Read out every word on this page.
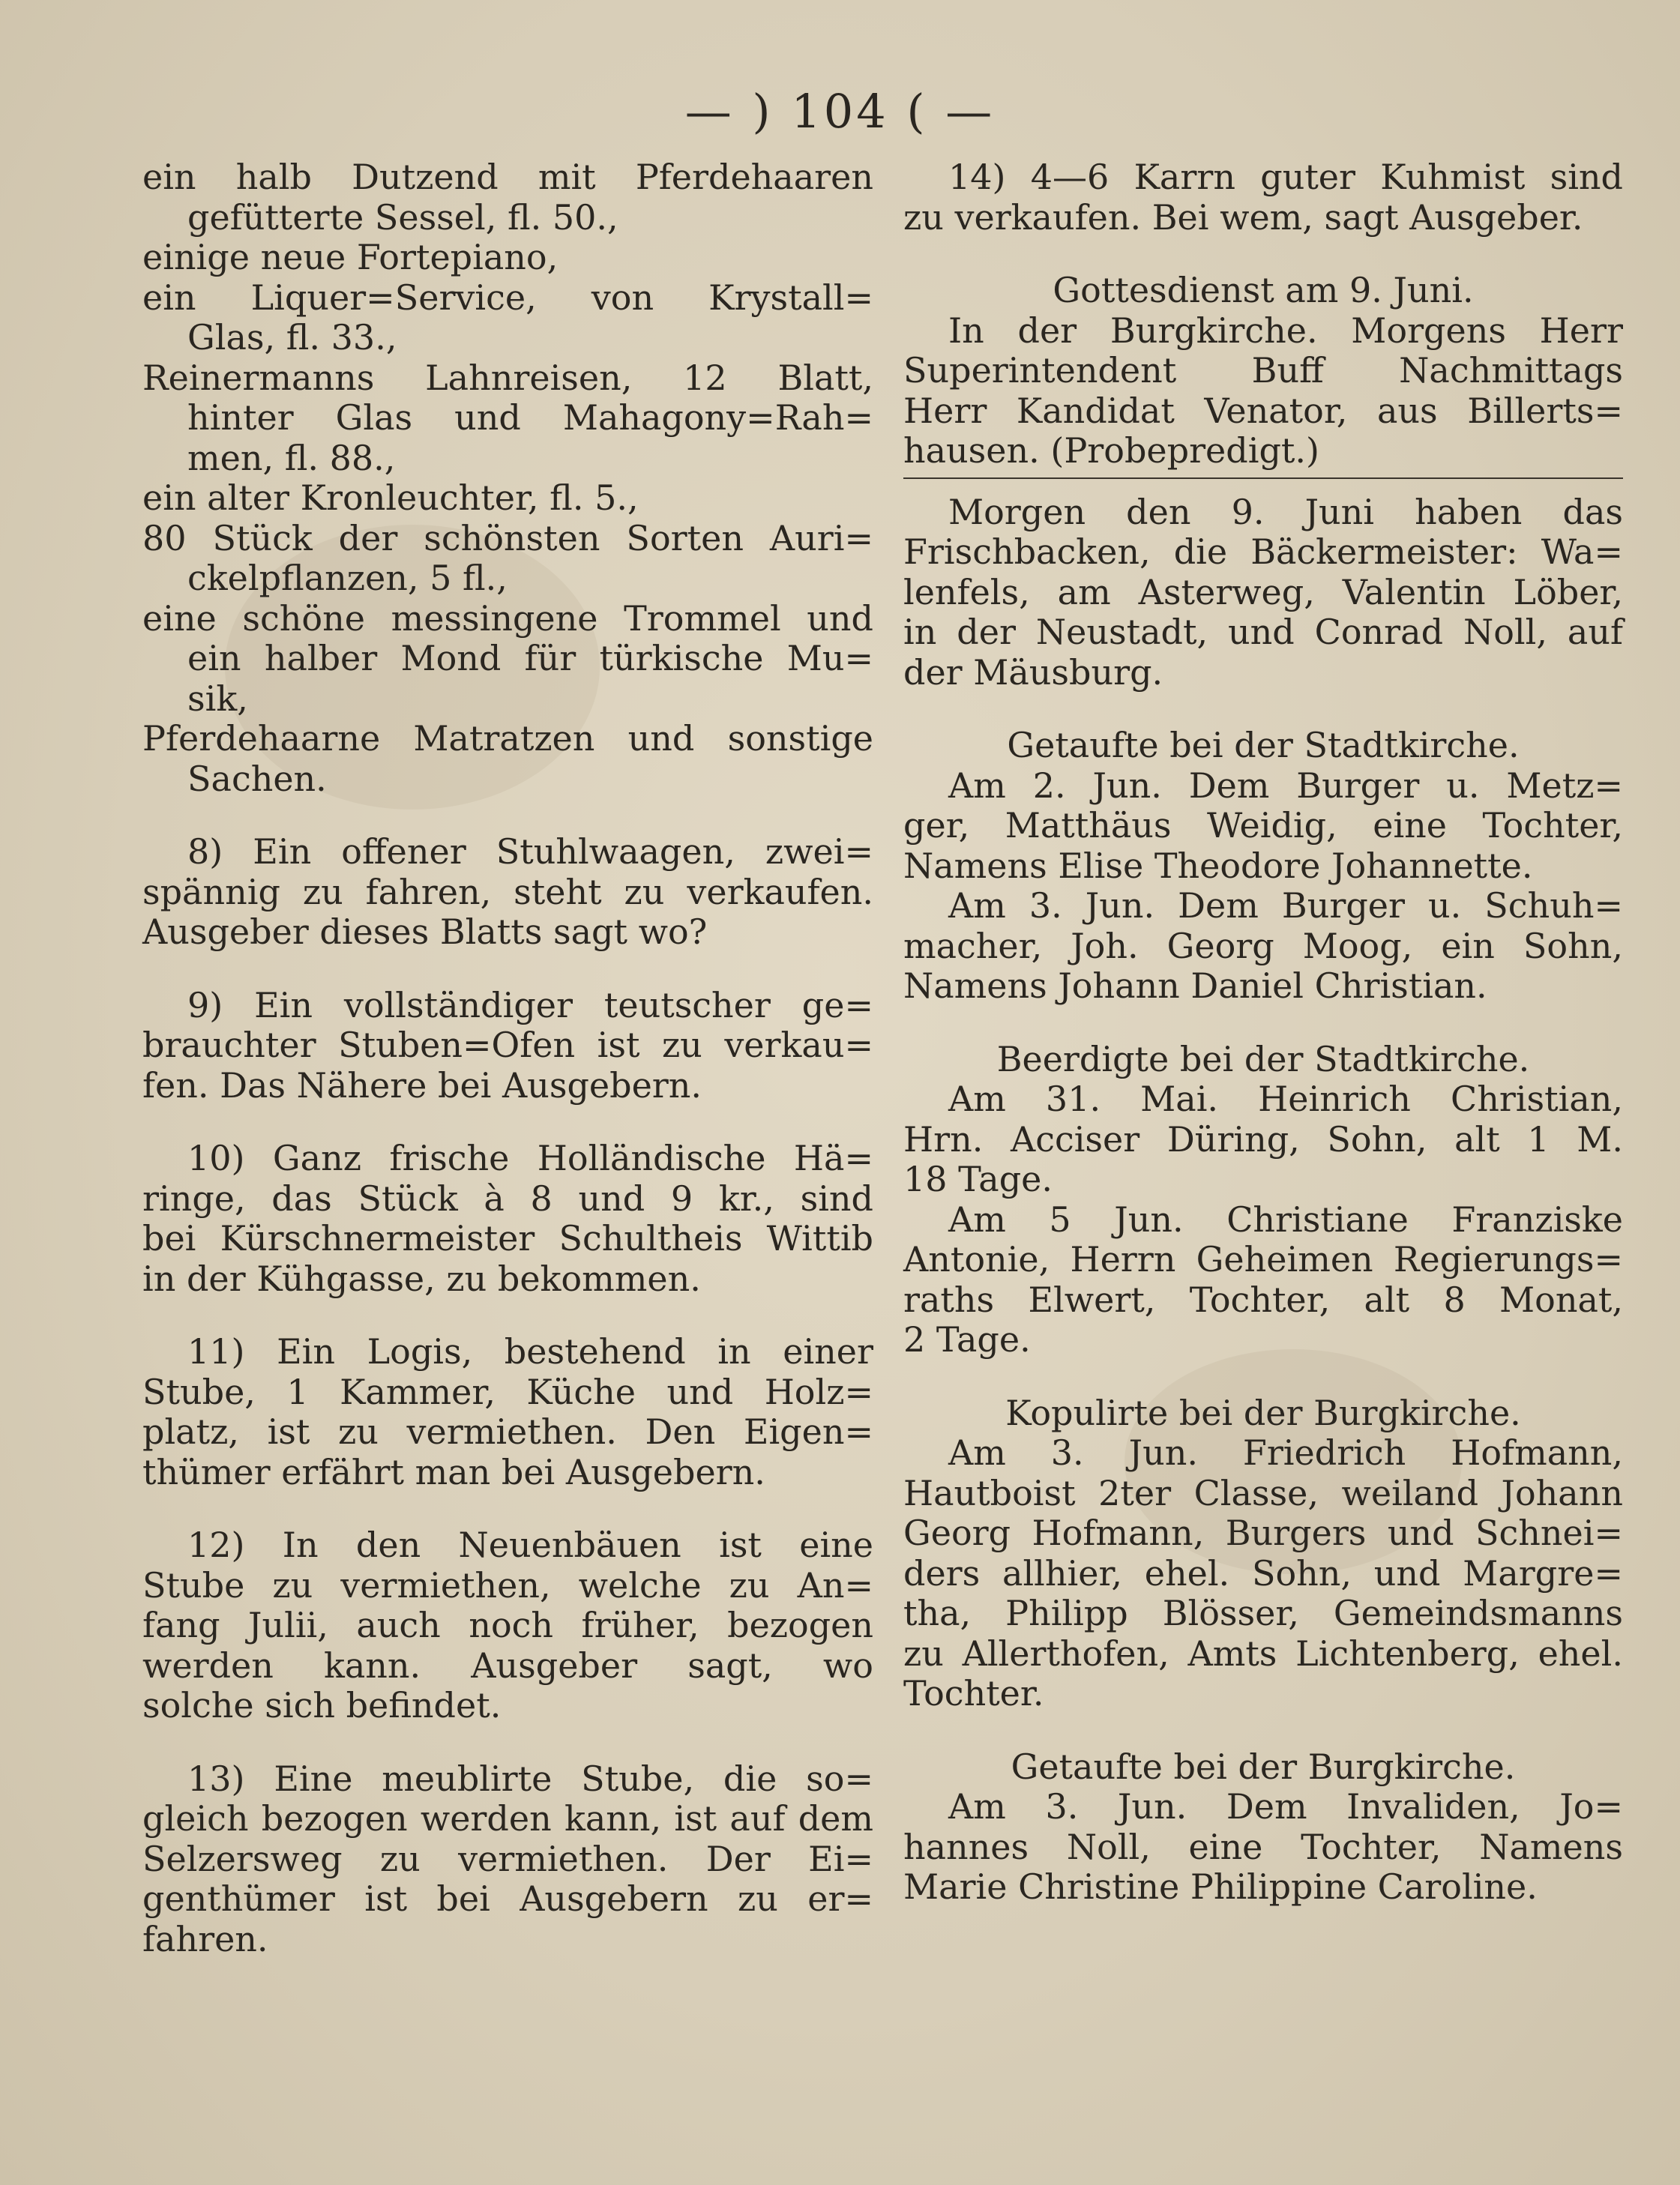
— ) 104 ( —
ein halb Dutzend mit Pferdehaaren
gefütterte Sessel, fl. 50.,
einige neue Fortepiano,
ein Liquer=Service, von Krystall=
Glas, fl. 33.,
Reinermanns Lahnreisen, 12 Blatt,
hinter Glas und Mahagony=Rah=
men, fl. 88.,
ein alter Kronleuchter, fl. 5.,
80 Stück der schönsten Sorten Auri=
ckelpflanzen, 5 fl.,
eine schöne messingene Trommel und
ein halber Mond für türkische Mu=
sik,
Pferdehaarne Matratzen und sonstige
Sachen.
8) Ein offener Stuhlwaagen, zwei=
spännig zu fahren, steht zu verkaufen.
Ausgeber dieses Blatts sagt wo?
9) Ein vollständiger teutscher ge=
brauchter Stuben=Ofen ist zu verkau=
fen. Das Nähere bei Ausgebern.
10) Ganz frische Holländische Hä=
ringe, das Stück à 8 und 9 kr., sind
bei Kürschnermeister Schultheis Wittib
in der Kühgasse, zu bekommen.
11) Ein Logis, bestehend in einer
Stube, 1 Kammer, Küche und Holz=
platz, ist zu vermiethen. Den Eigen=
thümer erfährt man bei Ausgebern.
12) In den Neuenbäuen ist eine
Stube zu vermiethen, welche zu An=
fang Julii, auch noch früher, bezogen
werden kann. Ausgeber sagt, wo
solche sich befindet.
13) Eine meublirte Stube, die so=
gleich bezogen werden kann, ist auf dem
Selzersweg zu vermiethen. Der Ei=
genthümer ist bei Ausgebern zu er=
fahren.
14) 4—6 Karrn guter Kuhmist sind
zu verkaufen. Bei wem, sagt Ausgeber.
Gottesdienst am 9. Juni.
In der Burgkirche. Morgens Herr
Superintendent Buff Nachmittags
Herr Kandidat Venator, aus Billerts=
hausen. (Probepredigt.)
Morgen den 9. Juni haben das
Frischbacken, die Bäckermeister: Wa=
lenfels, am Asterweg, Valentin Löber,
in der Neustadt, und Conrad Noll, auf
der Mäusburg.
Getaufte bei der Stadtkirche.
Am 2. Jun. Dem Burger u. Metz=
ger, Matthäus Weidig, eine Tochter,
Namens Elise Theodore Johannette.
Am 3. Jun. Dem Burger u. Schuh=
macher, Joh. Georg Moog, ein Sohn,
Namens Johann Daniel Christian.
Beerdigte bei der Stadtkirche.
Am 31. Mai. Heinrich Christian,
Hrn. Acciser Düring, Sohn, alt 1 M.
18 Tage.
Am 5 Jun. Christiane Franziske
Antonie, Herrn Geheimen Regierungs=
raths Elwert, Tochter, alt 8 Monat,
2 Tage.
Kopulirte bei der Burgkirche.
Am 3. Jun. Friedrich Hofmann,
Hautboist 2ter Classe, weiland Johann
Georg Hofmann, Burgers und Schnei=
ders allhier, ehel. Sohn, und Margre=
tha, Philipp Blösser, Gemeindsmanns
zu Allerthofen, Amts Lichtenberg, ehel.
Tochter.
Getaufte bei der Burgkirche.
Am 3. Jun. Dem Invaliden, Jo=
hannes Noll, eine Tochter, Namens
Marie Christine Philippine Caroline.
